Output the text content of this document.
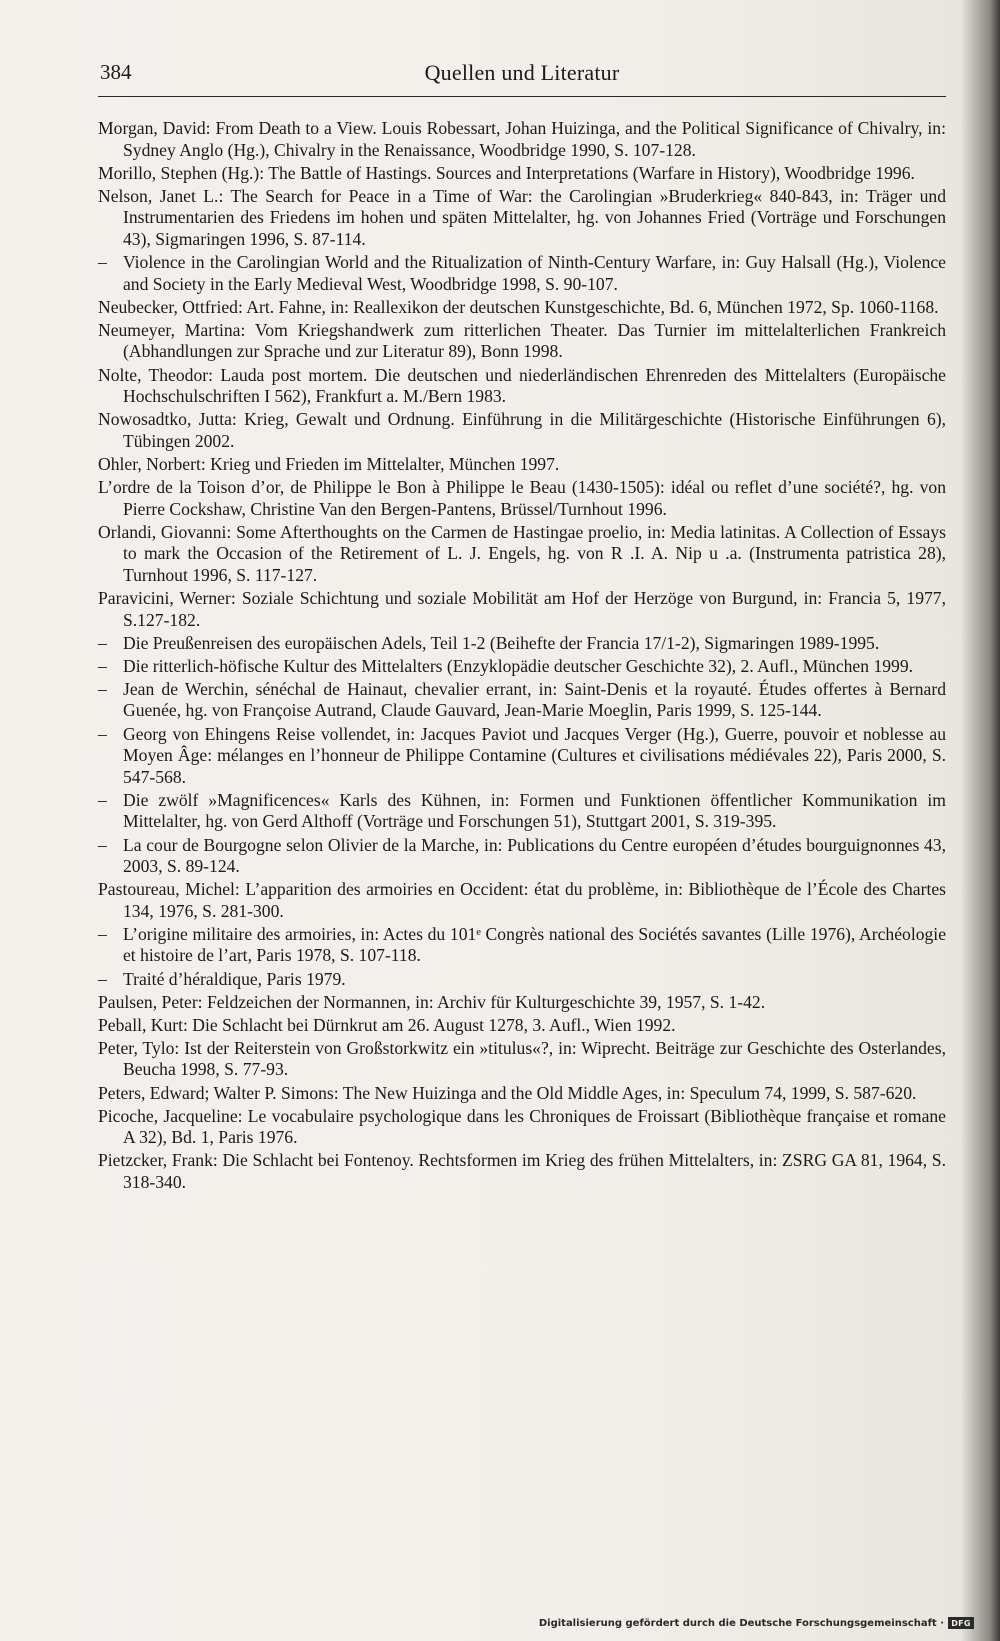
384	Quellen und Literatur

Morgan, David: From Death to a View. Louis Robessart, Johan Huizinga, and the Political Significance of Chivalry, in: Sydney Anglo (Hg.), Chivalry in the Renaissance, Woodbridge 1990, S. 107-128.

Morillo, Stephen (Hg.): The Battle of Hastings. Sources and Interpretations (Warfare in History), Woodbridge 1996.

Nelson, Janet L.: The Search for Peace in a Time of War: the Carolingian »Bruderkrieg« 840-843, in: Träger und Instrumentarien des Friedens im hohen und späten Mittelalter, hg. von Johannes Fried (Vorträge und Forschungen 43), Sigmaringen 1996, S. 87-114.

– Violence in the Carolingian World and the Ritualization of Ninth-Century Warfare, in: Guy Halsall (Hg.), Violence and Society in the Early Medieval West, Woodbridge 1998, S. 90-107.

Neubecker, Ottfried: Art. Fahne, in: Reallexikon der deutschen Kunstgeschichte, Bd. 6, München 1972, Sp. 1060-1168.

Neumeyer, Martina: Vom Kriegshandwerk zum ritterlichen Theater. Das Turnier im mittelalterlichen Frankreich (Abhandlungen zur Sprache und zur Literatur 89), Bonn 1998.

Nolte, Theodor: Lauda post mortem. Die deutschen und niederländischen Ehrenreden des Mittelalters (Europäische Hochschulschriften I 562), Frankfurt a. M./Bern 1983.

Nowosadtko, Jutta: Krieg, Gewalt und Ordnung. Einführung in die Militärgeschichte (Historische Einführungen 6), Tübingen 2002.

Ohler, Norbert: Krieg und Frieden im Mittelalter, München 1997.

L’ordre de la Toison d’or, de Philippe le Bon à Philippe le Beau (1430-1505): idéal ou reflet d’une société?, hg. von Pierre Cockshaw, Christine Van den Bergen-Pantens, Brüssel/Turnhout 1996.

Orlandi, Giovanni: Some Afterthoughts on the Carmen de Hastingae proelio, in: Media latinitas. A Collection of Essays to mark the Occasion of the Retirement of L. J. Engels, hg. von R .I. A. Nip u .a. (Instrumenta patristica 28), Turnhout 1996, S. 117-127.

Paravicini, Werner: Soziale Schichtung und soziale Mobilität am Hof der Herzöge von Burgund, in: Francia 5, 1977, S.127-182.

– Die Preußenreisen des europäischen Adels, Teil 1-2 (Beihefte der Francia 17/1-2), Sigmaringen 1989-1995.

– Die ritterlich-höfische Kultur des Mittelalters (Enzyklopädie deutscher Geschichte 32), 2. Aufl., München 1999.

– Jean de Werchin, sénéchal de Hainaut, chevalier errant, in: Saint-Denis et la royauté. Études offertes à Bernard Guenée, hg. von Françoise Autrand, Claude Gauvard, Jean-Marie Moeglin, Paris 1999, S. 125-144.

– Georg von Ehingens Reise vollendet, in: Jacques Paviot und Jacques Verger (Hg.), Guerre, pouvoir et noblesse au Moyen Âge: mélanges en l’honneur de Philippe Contamine (Cultures et civilisations médiévales 22), Paris 2000, S. 547-568.

– Die zwölf »Magnificences« Karls des Kühnen, in: Formen und Funktionen öffentlicher Kommunikation im Mittelalter, hg. von Gerd Althoff (Vorträge und Forschungen 51), Stuttgart 2001, S. 319-395.

– La cour de Bourgogne selon Olivier de la Marche, in: Publications du Centre européen d’études bourguignonnes 43, 2003, S. 89-124.

Pastoureau, Michel: L’apparition des armoiries en Occident: état du problème, in: Bibliothèque de l’École des Chartes 134, 1976, S. 281-300.

– L’origine militaire des armoiries, in: Actes du 101ᵉ Congrès national des Sociétés savantes (Lille 1976), Archéologie et histoire de l’art, Paris 1978, S. 107-118.

– Traité d’héraldique, Paris 1979.

Paulsen, Peter: Feldzeichen der Normannen, in: Archiv für Kulturgeschichte 39, 1957, S. 1-42.

Peball, Kurt: Die Schlacht bei Dürnkrut am 26. August 1278, 3. Aufl., Wien 1992.

Peter, Tylo: Ist der Reiterstein von Großstorkwitz ein »titulus«?, in: Wiprecht. Beiträge zur Geschichte des Osterlandes, Beucha 1998, S. 77-93.

Peters, Edward; Walter P. Simons: The New Huizinga and the Old Middle Ages, in: Speculum 74, 1999, S. 587-620.

Picoche, Jacqueline: Le vocabulaire psychologique dans les Chroniques de Froissart (Bibliothèque française et romane A 32), Bd. 1, Paris 1976.

Pietzcker, Frank: Die Schlacht bei Fontenoy. Rechtsformen im Krieg des frühen Mittelalters, in: ZSRG GA 81, 1964, S. 318-340.

Digitalisierung gefördert durch die Deutsche Forschungsgemeinschaft · DFG
